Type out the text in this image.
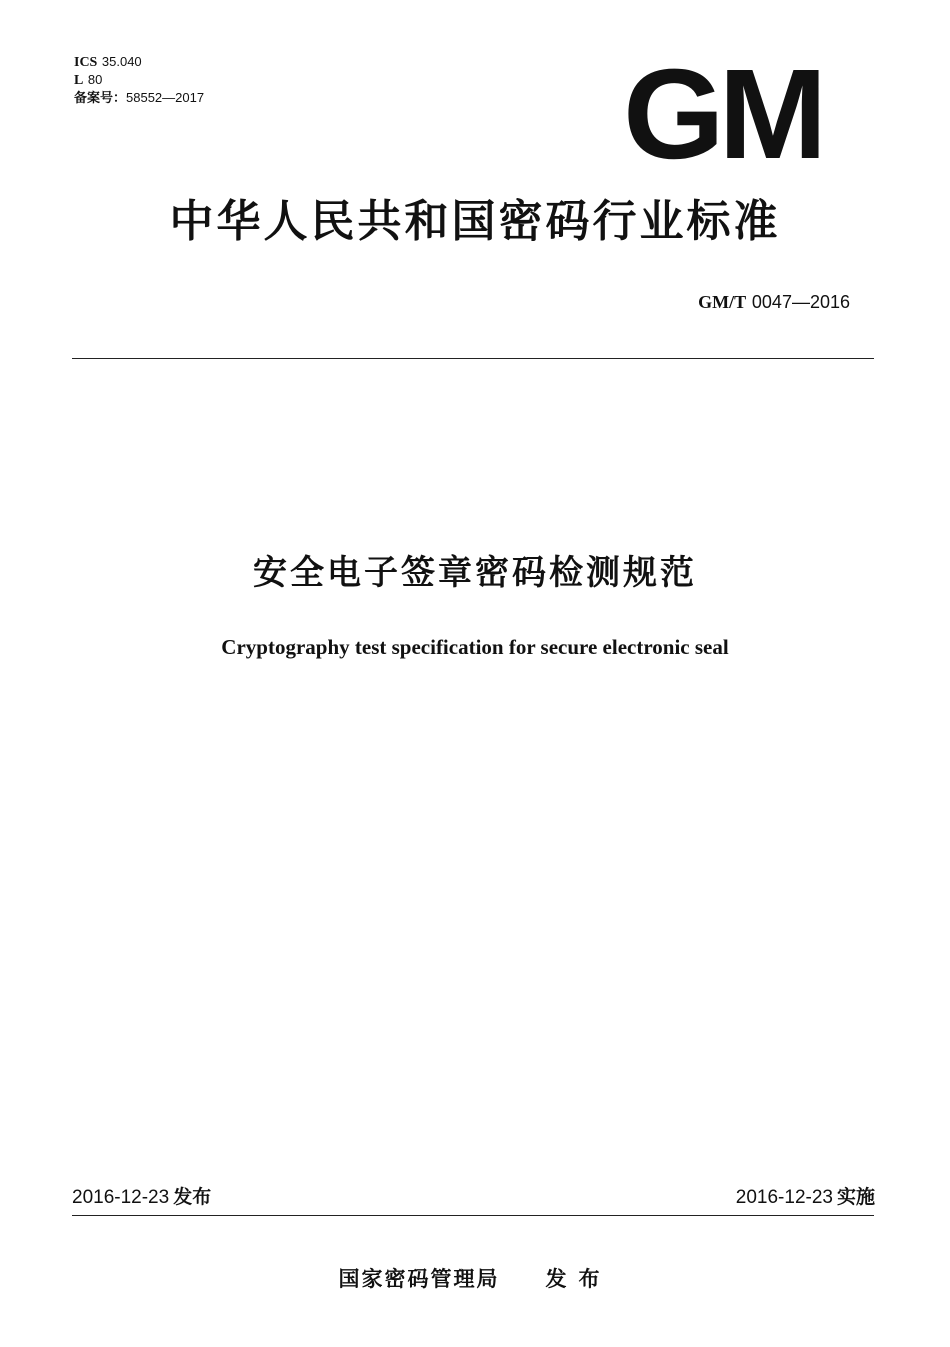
ICS 35.040
L 80
备案号：58552—2017	GM
中华人民共和国密码行业标准
GM/T 0047—2016
安全电子签章密码检测规范
Cryptography test specification for secure electronic seal
2016-12-23 发布	2016-12-23 实施
国家密码管理局 发布
